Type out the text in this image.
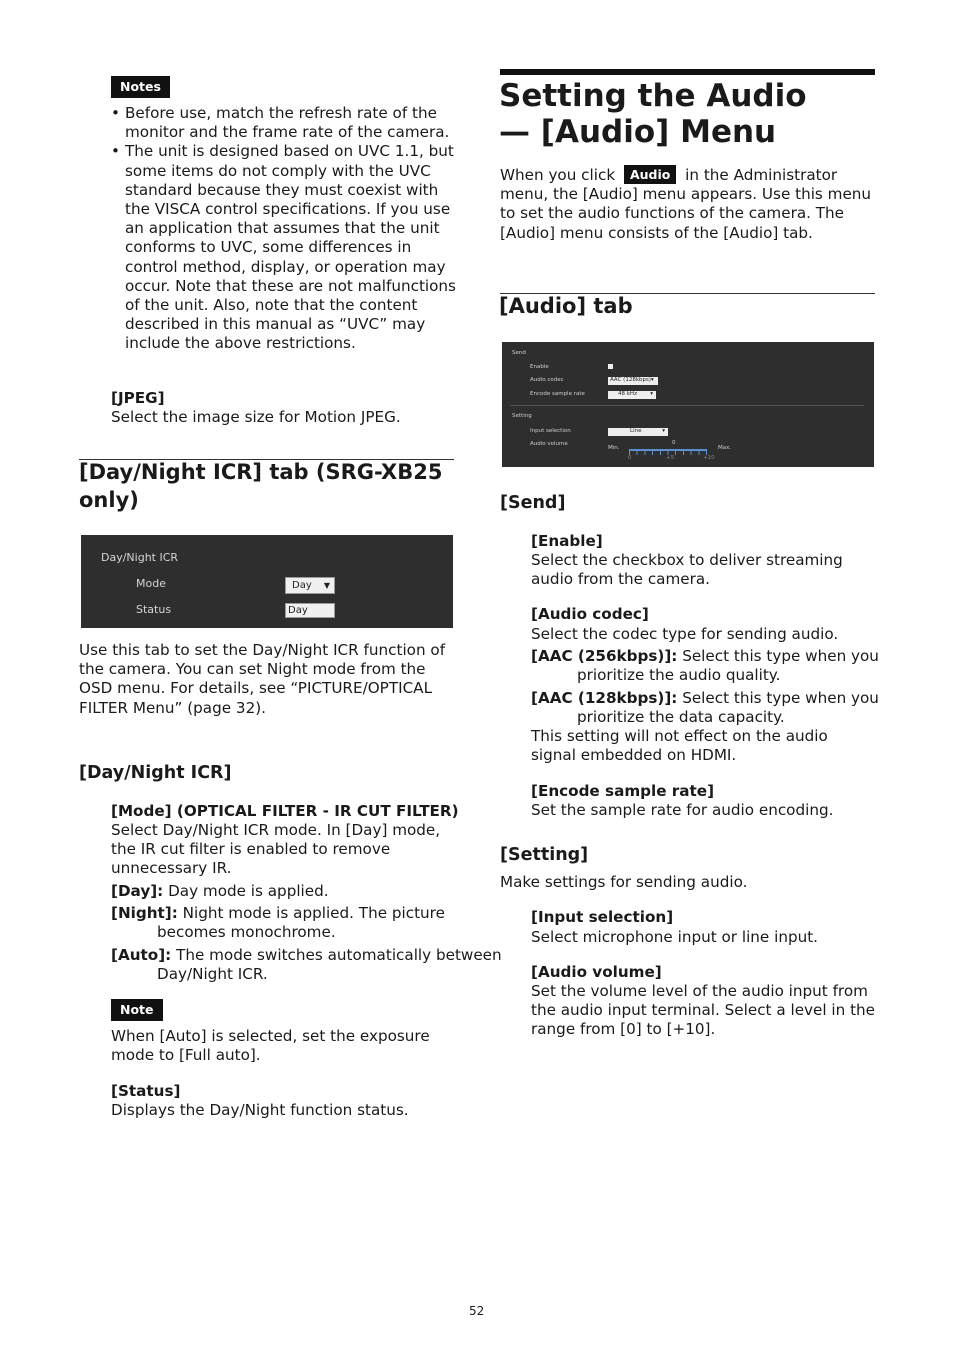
Notes
• Before use, match the refresh rate of the monitor and the frame rate of the camera.
• The unit is designed based on UVC 1.1, but some items do not comply with the UVC standard because they must coexist with the VISCA control specifications. If you use an application that assumes that the unit conforms to UVC, some differences in control method, display, or operation may occur. Note that these are not malfunctions of the unit. Also, note that the content described in this manual as “UVC” may include the above restrictions.
[JPEG]
Select the image size for Motion JPEG.
[Day/Night ICR] tab (SRG-XB25 only)
Day/Night ICR
Mode	Day ▼
Status	Day
Use this tab to set the Day/Night ICR function of the camera. You can set Night mode from the OSD menu. For details, see “PICTURE/OPTICAL FILTER Menu” (page 32).
[Day/Night ICR]
[Mode] (OPTICAL FILTER - IR CUT FILTER)
Select Day/Night ICR mode. In [Day] mode, the IR cut filter is enabled to remove unnecessary IR.
[Day]: Day mode is applied.
[Night]: Night mode is applied. The picture becomes monochrome.
[Auto]: The mode switches automatically between Day/Night ICR.
Note
When [Auto] is selected, set the exposure mode to [Full auto].
[Status]
Displays the Day/Night function status.
Setting the Audio
— [Audio] Menu
When you click Audio in the Administrator menu, the [Audio] menu appears. Use this menu to set the audio functions of the camera. The [Audio] menu consists of the [Audio] tab.
[Audio] tab
Send
Enable
Audio codec	AAC (128kbps)▾
Encode sample rate	48 kHz ▾
Setting
Input selection	Line	▾
Audio volume
Min.
0
Max.
0	+5	+10
[Send]
[Enable]
Select the checkbox to deliver streaming audio from the camera.
[Audio codec]
Select the codec type for sending audio.
[AAC (256kbps)]: Select this type when you prioritize the audio quality.
[AAC (128kbps)]: Select this type when you prioritize the data capacity.
This setting will not effect on the audio signal embedded on HDMI.
[Encode sample rate]
Set the sample rate for audio encoding.
[Setting]
Make settings for sending audio.
[Input selection]
Select microphone input or line input.
[Audio volume]
Set the volume level of the audio input from the audio input terminal. Select a level in the range from [0] to [+10].
52
